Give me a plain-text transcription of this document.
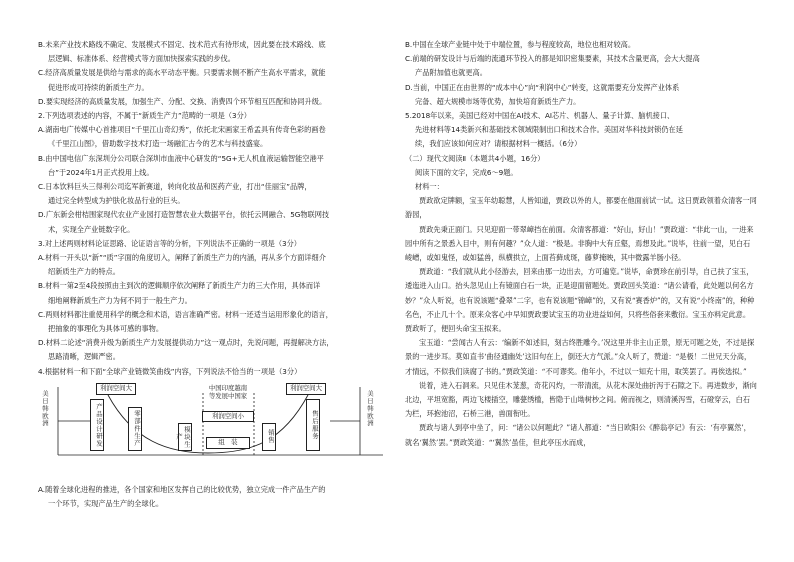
B.未来产业技术路线不确定、发展模式不固定、技术范式有待形成，因此要在技术路线、底

层逻辑、标准体系、经营模式等方面加快探索实践的步伐。

C.经济高质量发展是供给与需求的高水平动态平衡。只要需求侧不断产生高水平需求，就能

促进形成可持续的新质生产力。

D.要实现经济的高质量发展，加强生产、分配、交换、消费四个环节相互匹配和协同升级。

2.下列选项表述的内容，不属于“新质生产力”范畴的一项是（3分）

A.湖南电广传媒中心首推项目“千里江山奇幻秀”，依托北宋画家王希孟具有传奇色彩的画卷

《千里江山图》，借助数字技术打造一场融汇古今的艺术与科技盛宴。

B.由中国电信广东深圳分公司联合深圳市血液中心研发的“5G+无人机血液运输智能空港平

台”于2024年1月正式投用上线。

C.日本饮料巨头三得利公司迄军新赛道，转向化妆品和医药产业，打出“佳丽宝”品牌，

通过完全转型成为护肤化妆品行业的巨头。

D.广东新会柑桔围家现代农业产业园打造智慧农业大数据平台，依托云网融合、5G物联网技

术，实现全产业链数字化。

3.对上述两则材料论证思路、论证语言等的分析，下列说法不正确的一项是（3分）

A.材料一开头以“新”“质”字面的角度切入，阐释了新质生产力的内涵，再从多个方面详细介

绍新质生产力的特点。

B.材料一第2至4段按照由主到次的逻辑顺序依次阐释了新质生产力的三大作用，具体而详

细地阐释新质生产力为何不同于一般生产力。

C.两则材料都注重使用科学的概念和术语，语言准确严密。材料一还适当运用形象化的语言，

把抽象的事理化为具体可感的事物。

D.材料二论述“消费升级为新质生产力发展提供动力”这一观点时，先说问题，再提解决方法，

思路清晰，逻辑严密。

4.根据材料一和下面“全球产业链微笑曲线”内容，下列说法不恰当的一项是（3分）

美日韩欧洲	美日韩欧洲
中国印度越南
等发展中国家
利润空间大	利润空间大
产品设计研发	零部件生产	模块生产
利润空间小
组　装	销售	售后服务

A.随着全球化进程的推进，各个国家和地区发挥自己的比较优势，独立完成一件产品生产的

一个环节，实现产品生产的全球化。

B.中国在全球产业链中处于中端位置，参与程度较高，地位也相对较高。

C.前端的研发设计与后端的流通环节投入的都是知识密集要素，其技术含量更高，会大大提高

产品附加值也就更高。

D.当前，中国正在由世界的“成本中心”向“利润中心”转变，这就需要充分发挥产业体系

完备、超大规模市场等优势，加快培育新质生产力。

5.2018年以来，美国已经对中国在AI技术、AI芯片、机器人、量子计算、脑机接口、

先进材料等14类新兴和基础技术领域限制出口和技术合作。美国对华科技封锁仍在延

续，我们应该如何应对？请根据材料一概括。（6分）

（二）现代文阅读Ⅱ（本题共4小题，16分）

阅读下面的文字，完成6～9题。

材料一：

贾政欲定牌额，宝玉年幼聪慧，人皆知道，贾政以外的人，都要在他面前试一试。这日贾政领着众清客一同游园，

贾政先秉正面门。只见迎面一带翠嶂挡在前面。众清客都道：“好山，好山！”贾政道：“非此一山，一进来园中所有之景悉入目中，则有何趣？”众人道：“极是。非胸中大有丘壑，焉想及此。”说毕，往前一望，见白石崚嶒，或如鬼怪，或如猛兽，纵横拱立，上面苔藓成斑，藤萝掩映，其中微露羊肠小径。

贾政道：“我们就从此小径游去，回来由那一边出去，方可遍览。”说毕，命贾珍在前引导，自己扶了宝玉，逶迤进入山口。抬头忽见山上有镜面白石一块，正是迎面留题处。贾政回头笑道：“诸公请看，此处题以何名方妙？”众人听说，也有说该题“叠翠”二字，也有说该题“锦嶂”的，又有说“赛香炉”的，又有说“小终南”的，种种名色，不止几十个。原来众客心中早知贾政要试宝玉的功业进益如何，只将些俗套来敷衍。宝玉亦料定此意。贾政听了，便回头命宝玉拟来。

宝玉道：“尝闻古人有云：‘编新不如述旧，刻古终胜雕今。’况这里并非主山正景，原无可题之处，不过是探景的一进步耳。莫如直书‘曲径通幽处’这旧句在上，倒还大方气派。”众人听了，赞道：“是极！二世兄天分高，才情远，不似我们读腐了书的。”贾政笑道：“不可谬奖。他年小，不过以一知充十用，取笑罢了。再俟选拟。”

说着，进入石洞来。只见佳木茏葱，奇花闪灼，一带清流，从花木深处曲折泻于石隙之下。再进数步，渐向北边，平坦宽豁，两边飞楼插空，雕甍绣槛，皆隐于山坳树杪之间。俯而视之，则清溪泻雪，石磴穿云，白石为栏，环抱池沼，石桥三港，兽面衔吐。

贾政与诸人到亭中坐了，问：“诸公以何题此？”诸人都道：“当日欧阳公《醉翁亭记》有云：‘有亭翼然’，就名‘翼然’罢。”贾政笑道：“‘翼然’虽佳，但此亭压水而成，
